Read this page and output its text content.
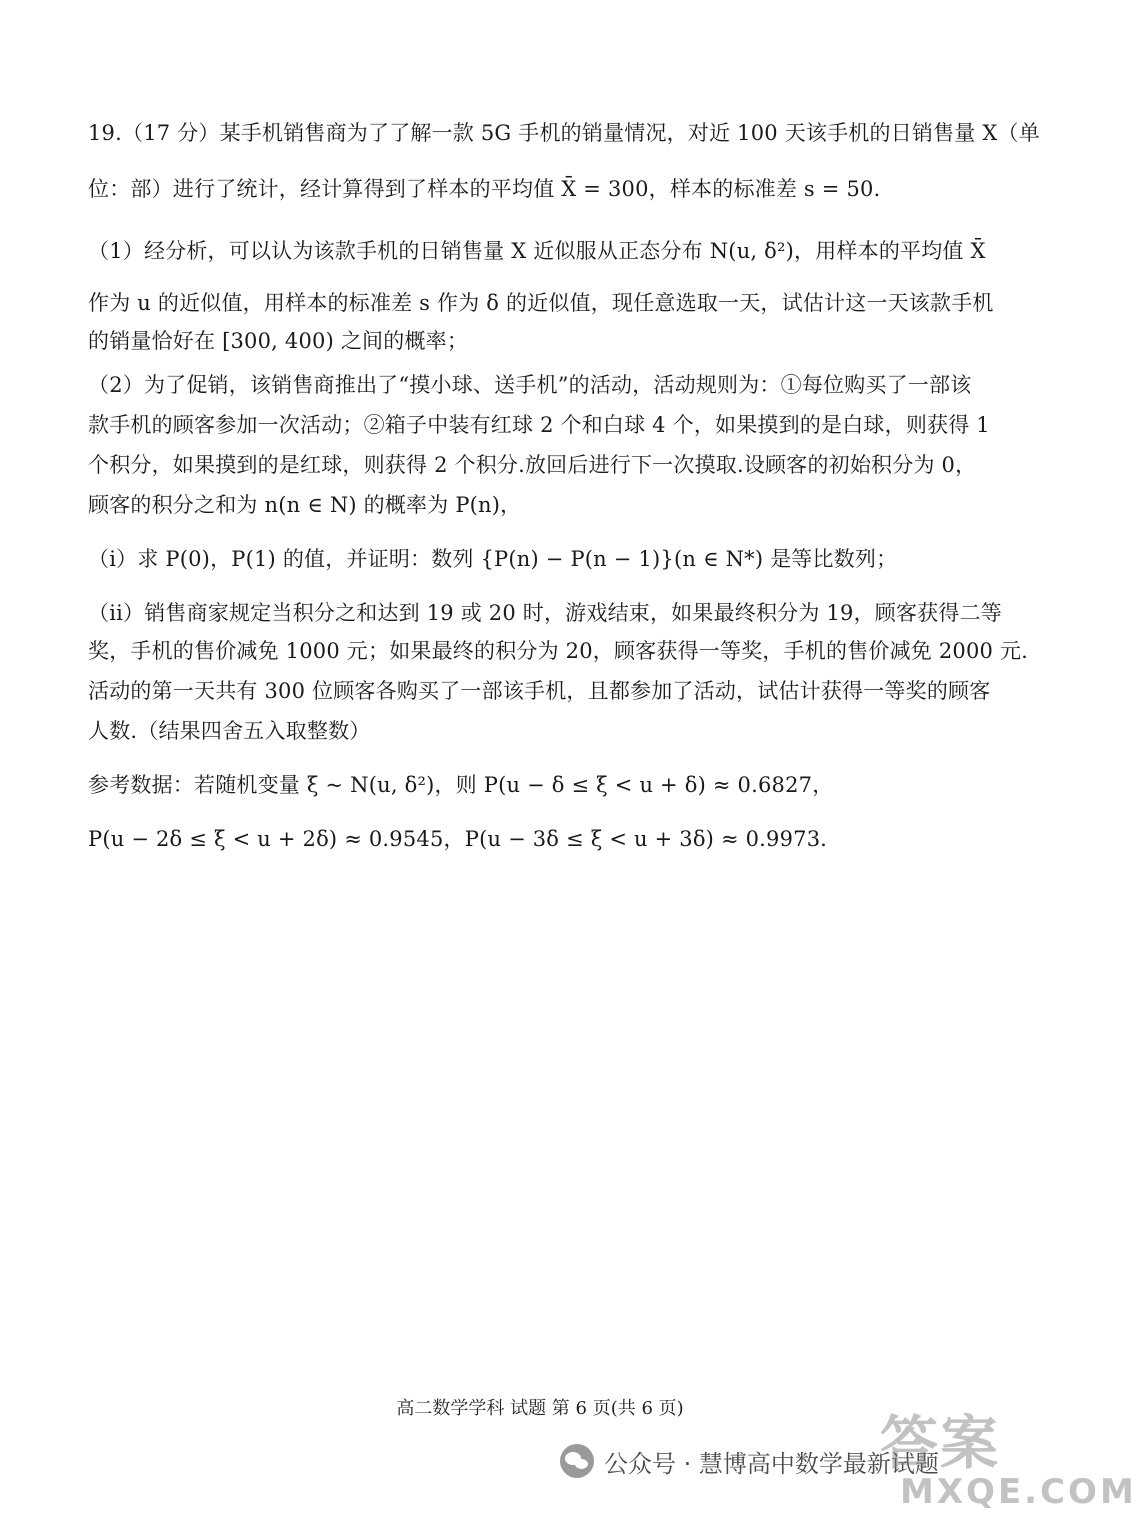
19.（17 分）某手机销售商为了了解一款 5G 手机的销量情况，对近 100 天该手机的日销售量 X（单
位：部）进行了统计，经计算得到了样本的平均值 X̄ = 300，样本的标准差 s = 50．
（1）经分析，可以认为该款手机的日销售量 X 近似服从正态分布 N(u, δ²)，用样本的平均值 X̄
作为 u 的近似值，用样本的标准差 s 作为 δ 的近似值，现任意选取一天，试估计这一天该款手机
的销量恰好在 [300, 400) 之间的概率；
（2）为了促销，该销售商推出了“摸小球、送手机”的活动，活动规则为：①每位购买了一部该
款手机的顾客参加一次活动；②箱子中装有红球 2 个和白球 4 个，如果摸到的是白球，则获得 1
个积分，如果摸到的是红球，则获得 2 个积分.放回后进行下一次摸取.设顾客的初始积分为 0，
顾客的积分之和为 n(n ∈ N) 的概率为 P(n)，
（i）求 P(0)，P(1) 的值，并证明：数列 {P(n) − P(n − 1)}(n ∈ N*) 是等比数列；
（ii）销售商家规定当积分之和达到 19 或 20 时，游戏结束，如果最终积分为 19，顾客获得二等
奖，手机的售价减免 1000 元；如果最终的积分为 20，顾客获得一等奖，手机的售价减免 2000 元.
活动的第一天共有 300 位顾客各购买了一部该手机，且都参加了活动，试估计获得一等奖的顾客
人数.（结果四舍五入取整数）
参考数据：若随机变量 ξ ~ N(u, δ²)，则 P(u − δ ≤ ξ < u + δ) ≈ 0.6827，
P(u − 2δ ≤ ξ < u + 2δ) ≈ 0.9545，P(u − 3δ ≤ ξ < u + 3δ) ≈ 0.9973．
高二数学学科 试题 第 6 页(共 6 页)
公众号 · 慧博高中数学最新试题
答案
MXQE.COM
